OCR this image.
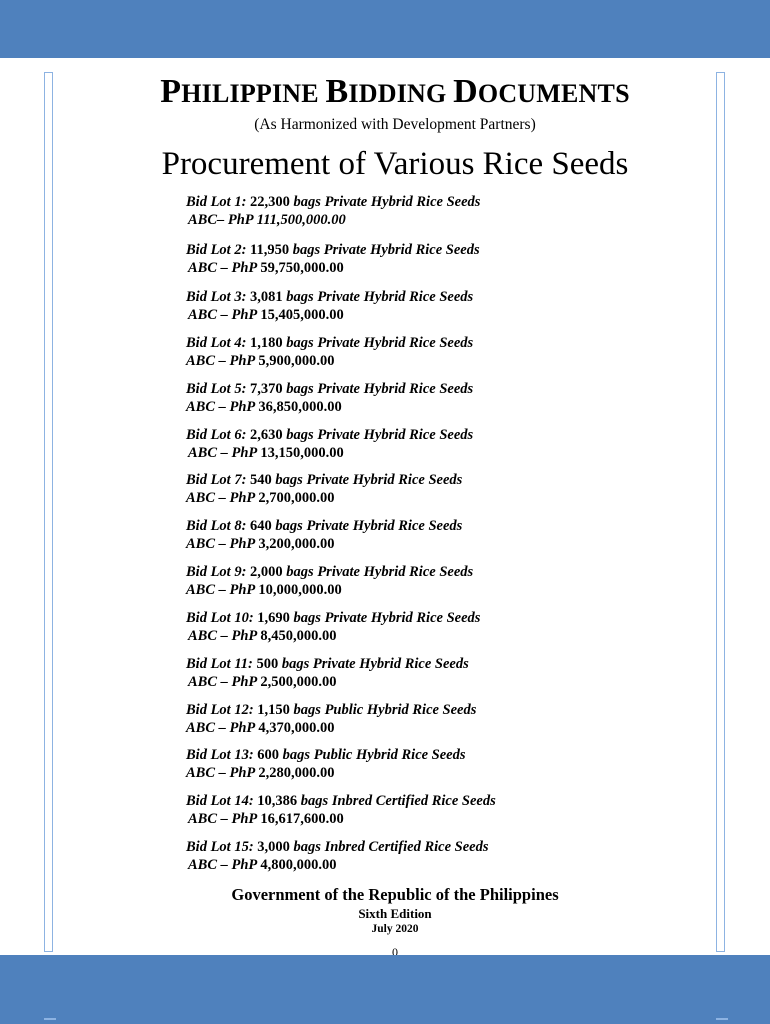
PHILIPPINE BIDDING DOCUMENTS
(As Harmonized with Development Partners)
Procurement of Various Rice Seeds
Bid Lot 1: 22,300 bags Private Hybrid Rice Seeds
ABC– PhP 111,500,000.00
Bid Lot 2: 11,950 bags Private Hybrid Rice Seeds
ABC – PhP 59,750,000.00
Bid Lot 3: 3,081 bags Private Hybrid Rice Seeds
ABC – PhP 15,405,000.00
Bid Lot 4: 1,180 bags Private Hybrid Rice Seeds
ABC – PhP 5,900,000.00
Bid Lot 5: 7,370 bags Private Hybrid Rice Seeds
ABC – PhP 36,850,000.00
Bid Lot 6: 2,630 bags Private Hybrid Rice Seeds
ABC – PhP 13,150,000.00
Bid Lot 7: 540 bags Private Hybrid Rice Seeds
ABC – PhP 2,700,000.00
Bid Lot 8: 640 bags Private Hybrid Rice Seeds
ABC – PhP 3,200,000.00
Bid Lot 9: 2,000 bags Private Hybrid Rice Seeds
ABC – PhP 10,000,000.00
Bid Lot 10: 1,690 bags Private Hybrid Rice Seeds
ABC – PhP 8,450,000.00
Bid Lot 11: 500 bags Private Hybrid Rice Seeds
ABC – PhP 2,500,000.00
Bid Lot 12: 1,150 bags Public Hybrid Rice Seeds
ABC – PhP 4,370,000.00
Bid Lot 13: 600 bags Public Hybrid Rice Seeds
ABC – PhP 2,280,000.00
Bid Lot 14: 10,386 bags Inbred Certified Rice Seeds
ABC – PhP 16,617,600.00
Bid Lot 15: 3,000 bags Inbred Certified Rice Seeds
ABC – PhP 4,800,000.00
Government of the Republic of the Philippines
Sixth Edition
July 2020
0
